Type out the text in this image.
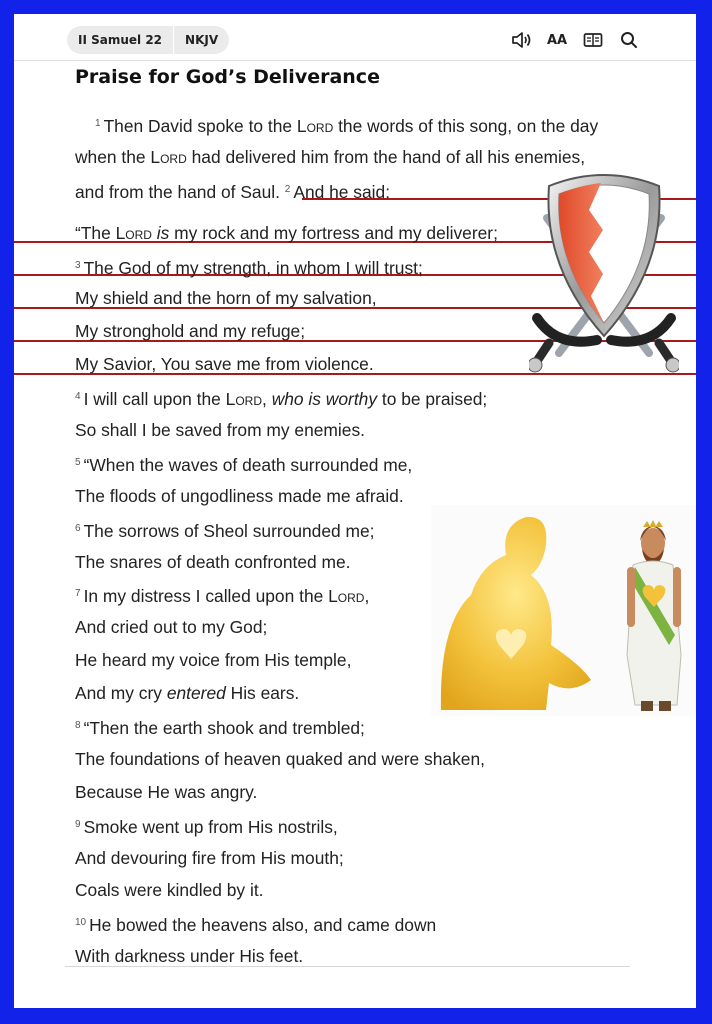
II Samuel 22	NKJV	AA
Praise for God’s Deliverance
$^1$ Then David spoke to the Lord the words of this song, on the day
when the Lord had delivered him from the hand of all his enemies,
and from the hand of Saul. $^2$ And he said:
“The Lord is my rock and my fortress and my deliverer;
$^3$ The God of my strength, in whom I will trust;
My shield and the horn of my salvation,
My stronghold and my refuge;
My Savior, You save me from violence.
$^4$ I will call upon the Lord, who is worthy to be praised;
So shall I be saved from my enemies.
$^5$ “When the waves of death surrounded me,
The floods of ungodliness made me afraid.
$^6$ The sorrows of Sheol surrounded me;
The snares of death confronted me.
$^7$ In my distress I called upon the Lord,
And cried out to my God;
He heard my voice from His temple,
And my cry entered His ears.
$^8$ “Then the earth shook and trembled;
The foundations of heaven quaked and were shaken,
Because He was angry.
$^9$ Smoke went up from His nostrils,
And devouring fire from His mouth;
Coals were kindled by it.
$^{10}$ He bowed the heavens also, and came down
With darkness under His feet.
